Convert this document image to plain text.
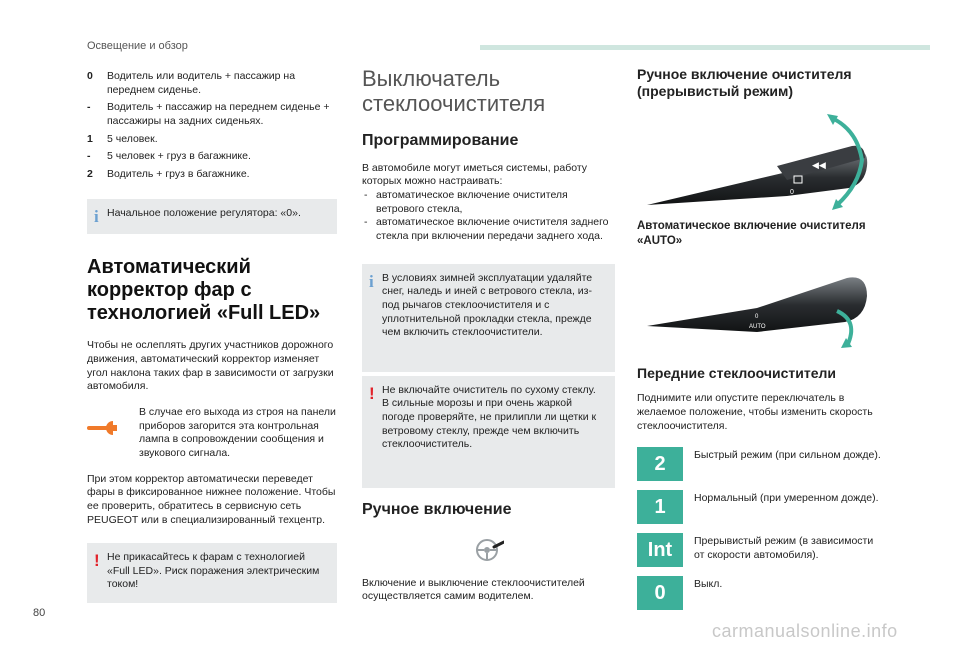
Освещение и обзор
0	Водитель или водитель + пассажир на переднем сиденье.
-	Водитель + пассажир на переднем сиденье + пассажиры на задних сиденьях.
1	5 человек.
-	5 человек + груз в багажнике.
2	Водитель + груз в багажнике.
i Начальное положение регулятора: «0».
Автоматический корректор фар с технологией «Full LED»

Чтобы не ослеплять других участников дорожного движения, автоматический корректор изменяет угол наклона таких фар в зависимости от загрузки автомобиля.

В случае его выхода из строя на панели приборов загорится эта контрольная лампа в сопровождении сообщения и звукового сигнала.

При этом корректор автоматически переведет фары в фиксированное нижнее положение. Чтобы ее проверить, обратитесь в сервисную сеть PEUGEOT или в специализированный техцентр.

! Не прикасайтесь к фарам с технологией «Full LED». Риск поражения электрическим током!
Выключатель стеклоочистителя
Программирование

В автомобиле могут иметься системы, работу которых можно настраивать:

- автоматическое включение очистителя ветрового стекла,
- автоматическое включение очистителя заднего стекла при включении передачи заднего хода.
i В условиях зимней эксплуатации удаляйте снег, наледь и иней с ветрового стекла, из-под рычагов стеклоочистителя и с уплотнительной прокладки стекла, прежде чем включить стеклоочистители.
! Не включайте очиститель по сухому стеклу. В сильные морозы и при очень жаркой погоде проверяйте, не прилипли ли щетки к ветровому стеклу, прежде чем включить стеклоочиститель.
Ручное включение

Включение и выключение стеклоочистителей осуществляется самим водителем.

Ручное включение очистителя (прерывистый режим)
0
◀◀
Автоматическое включение очистителя «AUTO»
◀◀
0
AUTO
Передние стеклоочистители

Поднимите или опустите переключатель в желаемое положение, чтобы изменить скорость стеклоочистителя.

2	Быстрый режим (при сильном дожде).
1	Нормальный (при умеренном дожде).
Int	Прерывистый режим (в зависимости от скорости автомобиля).
0	Выкл.
80
carmanualsonline.info
